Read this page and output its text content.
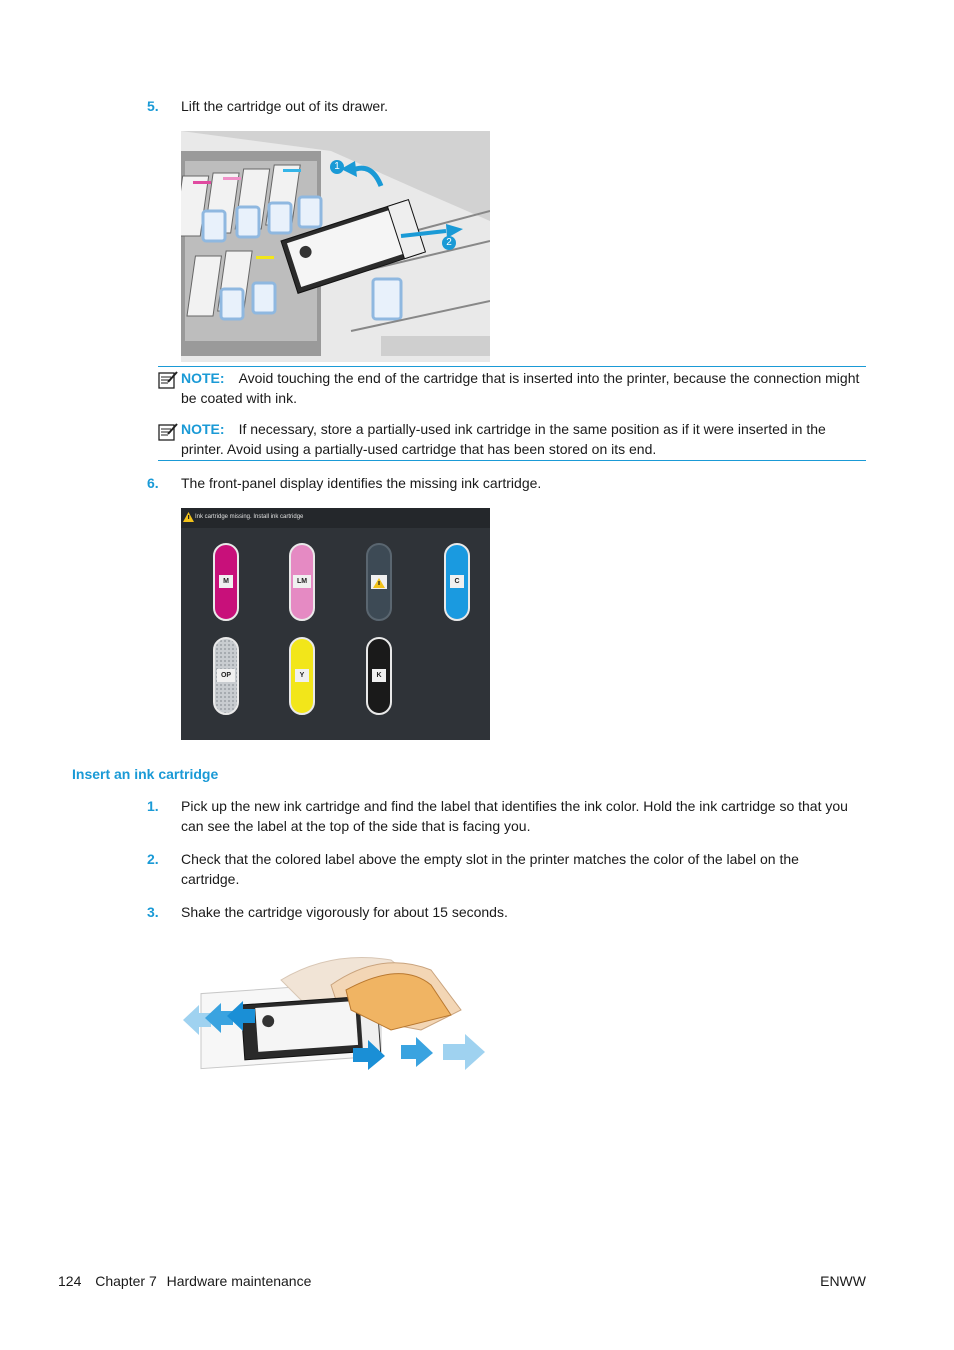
5. Lift the cartridge out of its drawer.
1
2
NOTE: Avoid touching the end of the cartridge that is inserted into the printer, because the connection might be coated with ink.
NOTE: If necessary, store a partially-used ink cartridge in the same position as if it were inserted in the printer. Avoid using a partially-used cartridge that has been stored on its end.
6. The front-panel display identifies the missing ink cartridge.
Ink cartridge missing. Install ink cartridge
M	LM	C
OP	Y	K
Insert an ink cartridge
1. Pick up the new ink cartridge and find the label that identifies the ink color. Hold the ink cartridge so that you can see the label at the top of the side that is facing you.
2. Check that the colored label above the empty slot in the printer matches the color of the label on the cartridge.
3. Shake the cartridge vigorously for about 15 seconds.
124 Chapter 7 Hardware maintenance	ENWW
